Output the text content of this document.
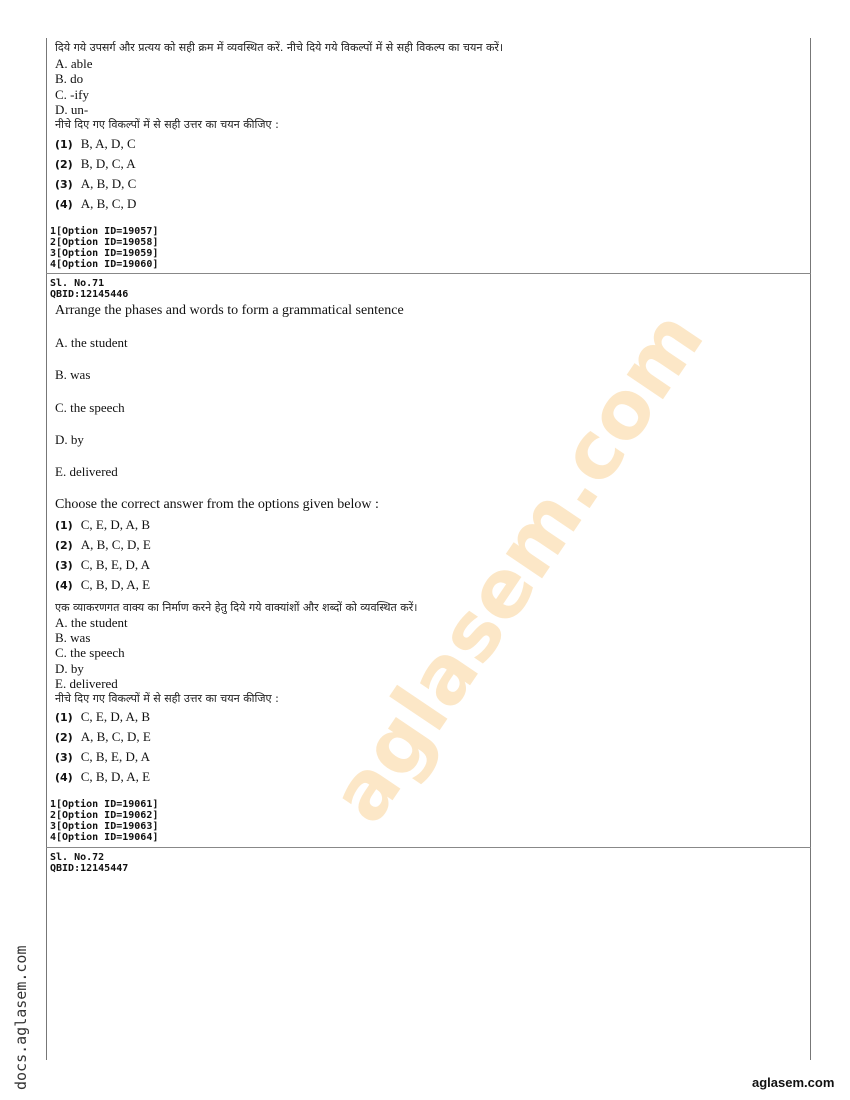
दिये गये उपसर्ग और प्रत्यय को सही क्रम में व्यवस्थित करें. नीचे दिये गये विकल्पों में से सही विकल्प का चयन करें।
A. able
B. do
C. -ify
D. un-
नीचे दिए गए विकल्पों में से सही उत्तर का चयन कीजिए :
(1) B, A, D, C
(2) B, D, C, A
(3) A, B, D, C
(4) A, B, C, D
1[Option ID=19057]
2[Option ID=19058]
3[Option ID=19059]
4[Option ID=19060]
Sl. No.71
QBID:12145446
Arrange the phases and words to form a grammatical sentence
A. the student
B. was
C. the speech
D. by
E. delivered
Choose the correct answer from the options given below :
(1) C, E, D, A, B
(2) A, B, C, D, E
(3) C, B, E, D, A
(4) C, B, D, A, E
एक व्याकरणगत वाक्य का निर्माण करने हेतु दिये गये वाक्यांशों और शब्दों को व्यवस्थित करें।
A. the student
B. was
C. the speech
D. by
E. delivered
नीचे दिए गए विकल्पों में से सही उत्तर का चयन कीजिए :
(1) C, E, D, A, B
(2) A, B, C, D, E
(3) C, B, E, D, A
(4) C, B, D, A, E
1[Option ID=19061]
2[Option ID=19062]
3[Option ID=19063]
4[Option ID=19064]
Sl. No.72
QBID:12145447
aglasem.com
docs.aglasem.com	aglasem.com
